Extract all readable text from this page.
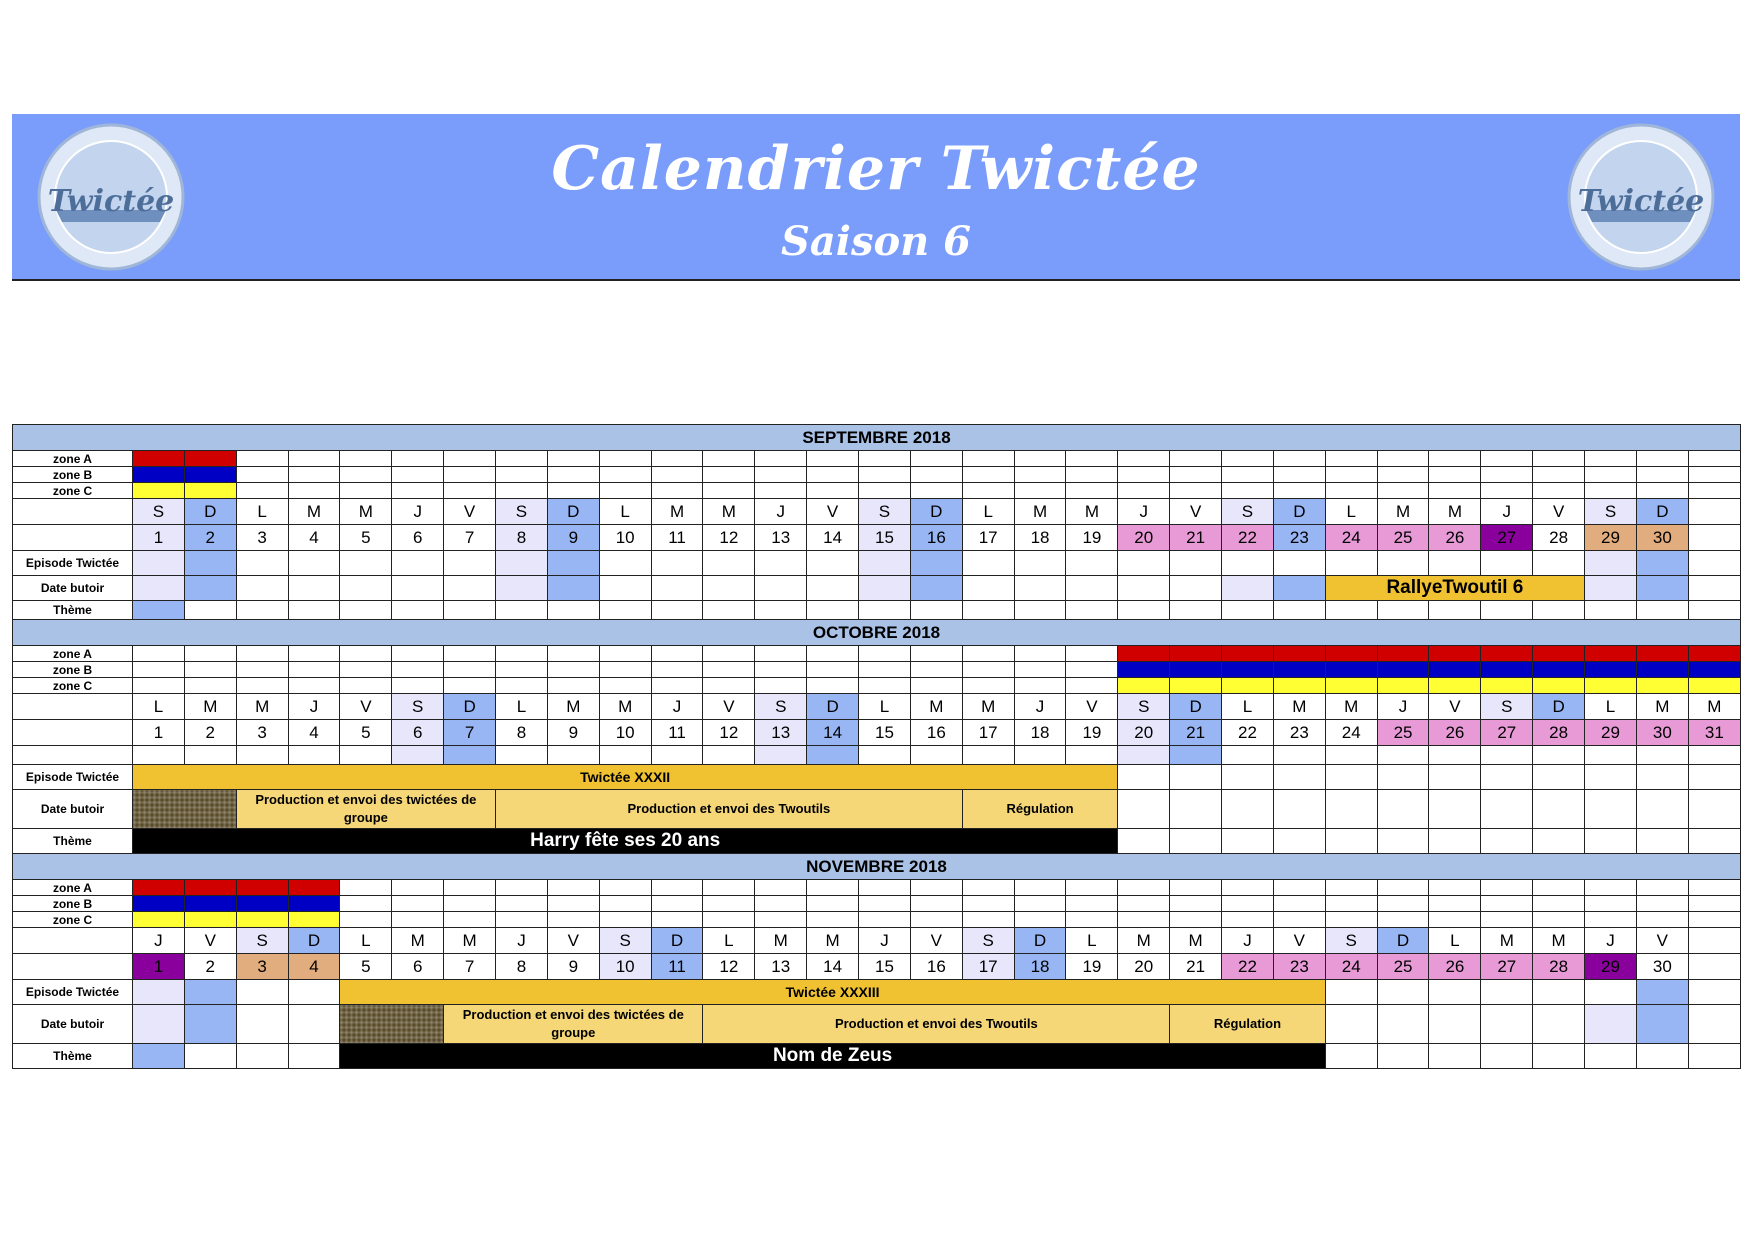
Twictée	Calendrier Twictée
Saison 6
Twictée
SEPTEMBRE 2018																															
zone A																															
zone B																															
zone C																															
	S	D	L	M	M	J	V	S	D	L	M	M	J	V	S	D	L	M	M	J	V	S	D	L	M	M	J	V	S	D	
	1	2	3	4	5	6	7	8	9	10	11	12	13	14	15	16	17	18	19	20	21	22	23	24	25	26	27	28	29	30	
Episode Twictée																															
Date butoir																								RallyeTwoutil 6							
Thème																															
OCTOBRE 2018																															
zone A																															
zone B																															
zone C																															
	L	M	M	J	V	S	D	L	M	M	J	V	S	D	L	M	M	J	V	S	D	L	M	M	J	V	S	D	L	M	M
	1	2	3	4	5	6	7	8	9	10	11	12	13	14	15	16	17	18	19	20	21	22	23	24	25	26	27	28	29	30	31

Episode Twictée	Twictée XXXII																														
Date butoir			Production et envoi des twictées de groupe					Production et envoi des Twoutils									Régulation														
Thème	Harry fête ses 20 ans																														
NOVEMBRE 2018																															
zone A																															
zone B																															
zone C																															
	J	V	S	D	L	M	M	J	V	S	D	L	M	M	J	V	S	D	L	M	M	J	V	S	D	L	M	M	J	V	
	1	2	3	4	5	6	7	8	9	10	11	12	13	14	15	16	17	18	19	20	21	22	23	24	25	26	27	28	29	30	
Episode Twictée					Twictée XXXIII																										
Date butoir							Production et envoi des twictées de groupe					Production et envoi des Twoutils									Régulation										
Thème					Nom de Zeus																										
